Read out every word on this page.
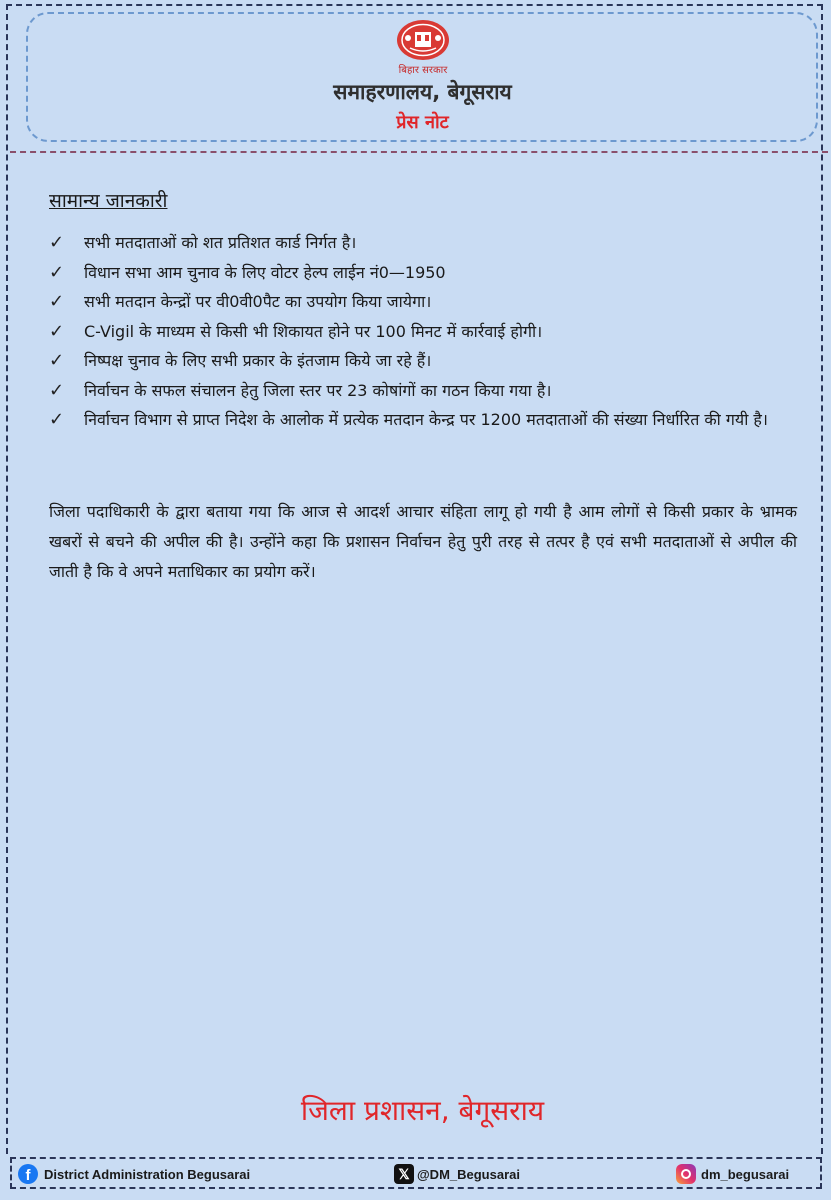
बिहार सरकार
समाहरणालय, बेगूसराय
प्रेस नोट
सामान्य जानकारी
✓ सभी मतदाताओं को शत प्रतिशत कार्ड निर्गत है।
✓ विधान सभा आम चुनाव के लिए वोटर हेल्प लाईन नं0—1950
✓ सभी मतदान केन्द्रों पर वी0वी0पैट का उपयोग किया जायेगा।
✓ C-Vigil के माध्यम से किसी भी शिकायत होने पर 100 मिनट में कार्रवाई होगी।
✓ निष्पक्ष चुनाव के लिए सभी प्रकार के इंतजाम किये जा रहे हैं।
✓ निर्वाचन के सफल संचालन हेतु जिला स्तर पर 23 कोषांगों का गठन किया गया है।
✓ निर्वाचन विभाग से प्राप्त निदेश के आलोक में प्रत्येक मतदान केन्द्र पर 1200 मतदाताओं की संख्या निर्धारित की गयी है।

जिला पदाधिकारी के द्वारा बताया गया कि आज से आदर्श आचार संहिता लागू हो गयी है आम लोगों से किसी प्रकार के भ्रामक खबरों से बचने की अपील की है। उन्होंने कहा कि प्रशासन निर्वाचन हेतु पुरी तरह से तत्पर है एवं सभी मतदाताओं से अपील की जाती है कि वे अपने मताधिकार का प्रयोग करें।

जिला प्रशासन, बेगूसराय
f	District Administration Begusarai	𝕏 @DM_Begusarai	dm_begusarai
